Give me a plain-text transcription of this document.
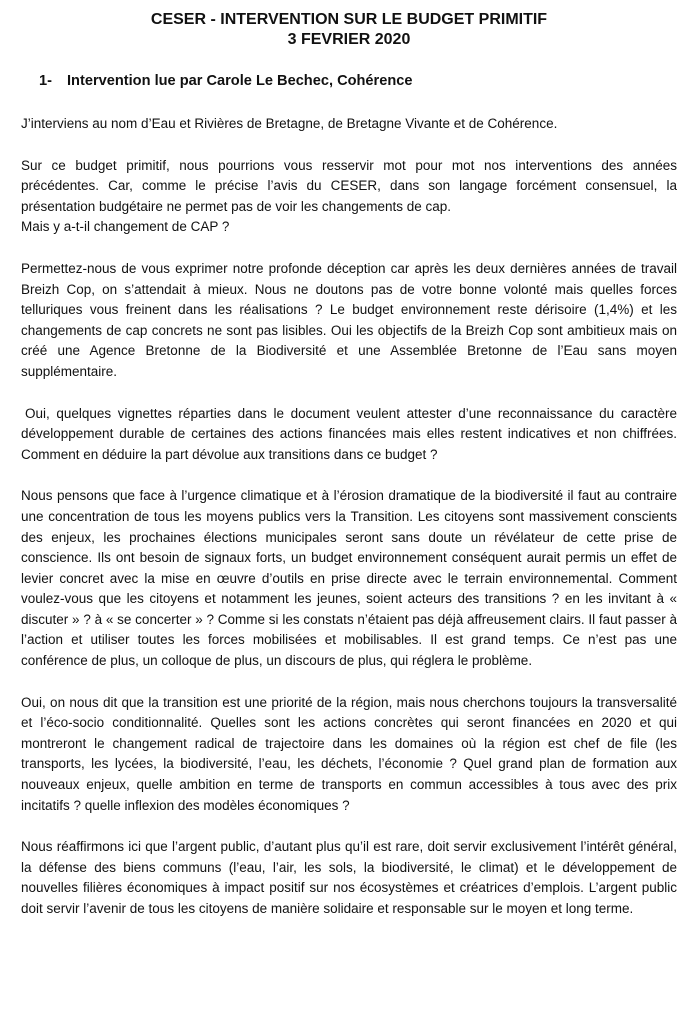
CESER - INTERVENTION SUR LE BUDGET PRIMITIF

3 FEVRIER 2020

1- Intervention lue par Carole Le Bechec, Cohérence

J’interviens au nom d’Eau et Rivières de Bretagne, de Bretagne Vivante et de Cohérence.

Sur ce budget primitif, nous pourrions vous resservir mot pour mot nos interventions des années précédentes. Car, comme le précise l’avis du CESER, dans son langage forcément consensuel, la présentation budgétaire ne permet pas de voir les changements de cap.

Mais y a-t-il changement de CAP ?

Permettez-nous de vous exprimer notre profonde déception car après les deux dernières années de travail Breizh Cop, on s’attendait à mieux. Nous ne doutons pas de votre bonne volonté mais quelles forces telluriques vous freinent dans les réalisations ? Le budget environnement reste dérisoire (1,4%) et les changements de cap concrets ne sont pas lisibles. Oui les objectifs de la Breizh Cop sont ambitieux mais on créé une Agence Bretonne de la Biodiversité et une Assemblée Bretonne de l’Eau sans moyen supplémentaire.

Oui, quelques vignettes réparties dans le document veulent attester d’une reconnaissance du caractère développement durable de certaines des actions financées mais elles restent indicatives et non chiffrées. Comment en déduire la part dévolue aux transitions dans ce budget ?

Nous pensons que face à l’urgence climatique et à l’érosion dramatique de la biodiversité il faut au contraire une concentration de tous les moyens publics vers la Transition. Les citoyens sont massivement conscients des enjeux, les prochaines élections municipales seront sans doute un révélateur de cette prise de conscience. Ils ont besoin de signaux forts, un budget environnement conséquent aurait permis un effet de levier concret avec la mise en œuvre d’outils en prise directe avec le terrain environnemental. Comment voulez-vous que les citoyens et notamment les jeunes, soient acteurs des transitions ? en les invitant à « discuter » ? à « se concerter » ? Comme si les constats n’étaient pas déjà affreusement clairs. Il faut passer à l’action et utiliser toutes les forces mobilisées et mobilisables. Il est grand temps. Ce n’est pas une conférence de plus, un colloque de plus, un discours de plus, qui réglera le problème.

Oui, on nous dit que la transition est une priorité de la région, mais nous cherchons toujours la transversalité et l’éco-socio conditionnalité. Quelles sont les actions concrètes qui seront financées en 2020 et qui montreront le changement radical de trajectoire dans les domaines où la région est chef de file (les transports, les lycées, la biodiversité, l’eau, les déchets, l’économie ? Quel grand plan de formation aux nouveaux enjeux, quelle ambition en terme de transports en commun accessibles à tous avec des prix incitatifs ? quelle inflexion des modèles économiques ?

Nous réaffirmons ici que l’argent public, d’autant plus qu’il est rare, doit servir exclusivement l’intérêt général, la défense des biens communs (l’eau, l’air, les sols, la biodiversité, le climat) et le développement de nouvelles filières économiques à impact positif sur nos écosystèmes et créatrices d’emplois. L’argent public doit servir l’avenir de tous les citoyens de manière solidaire et responsable sur le moyen et long terme.
